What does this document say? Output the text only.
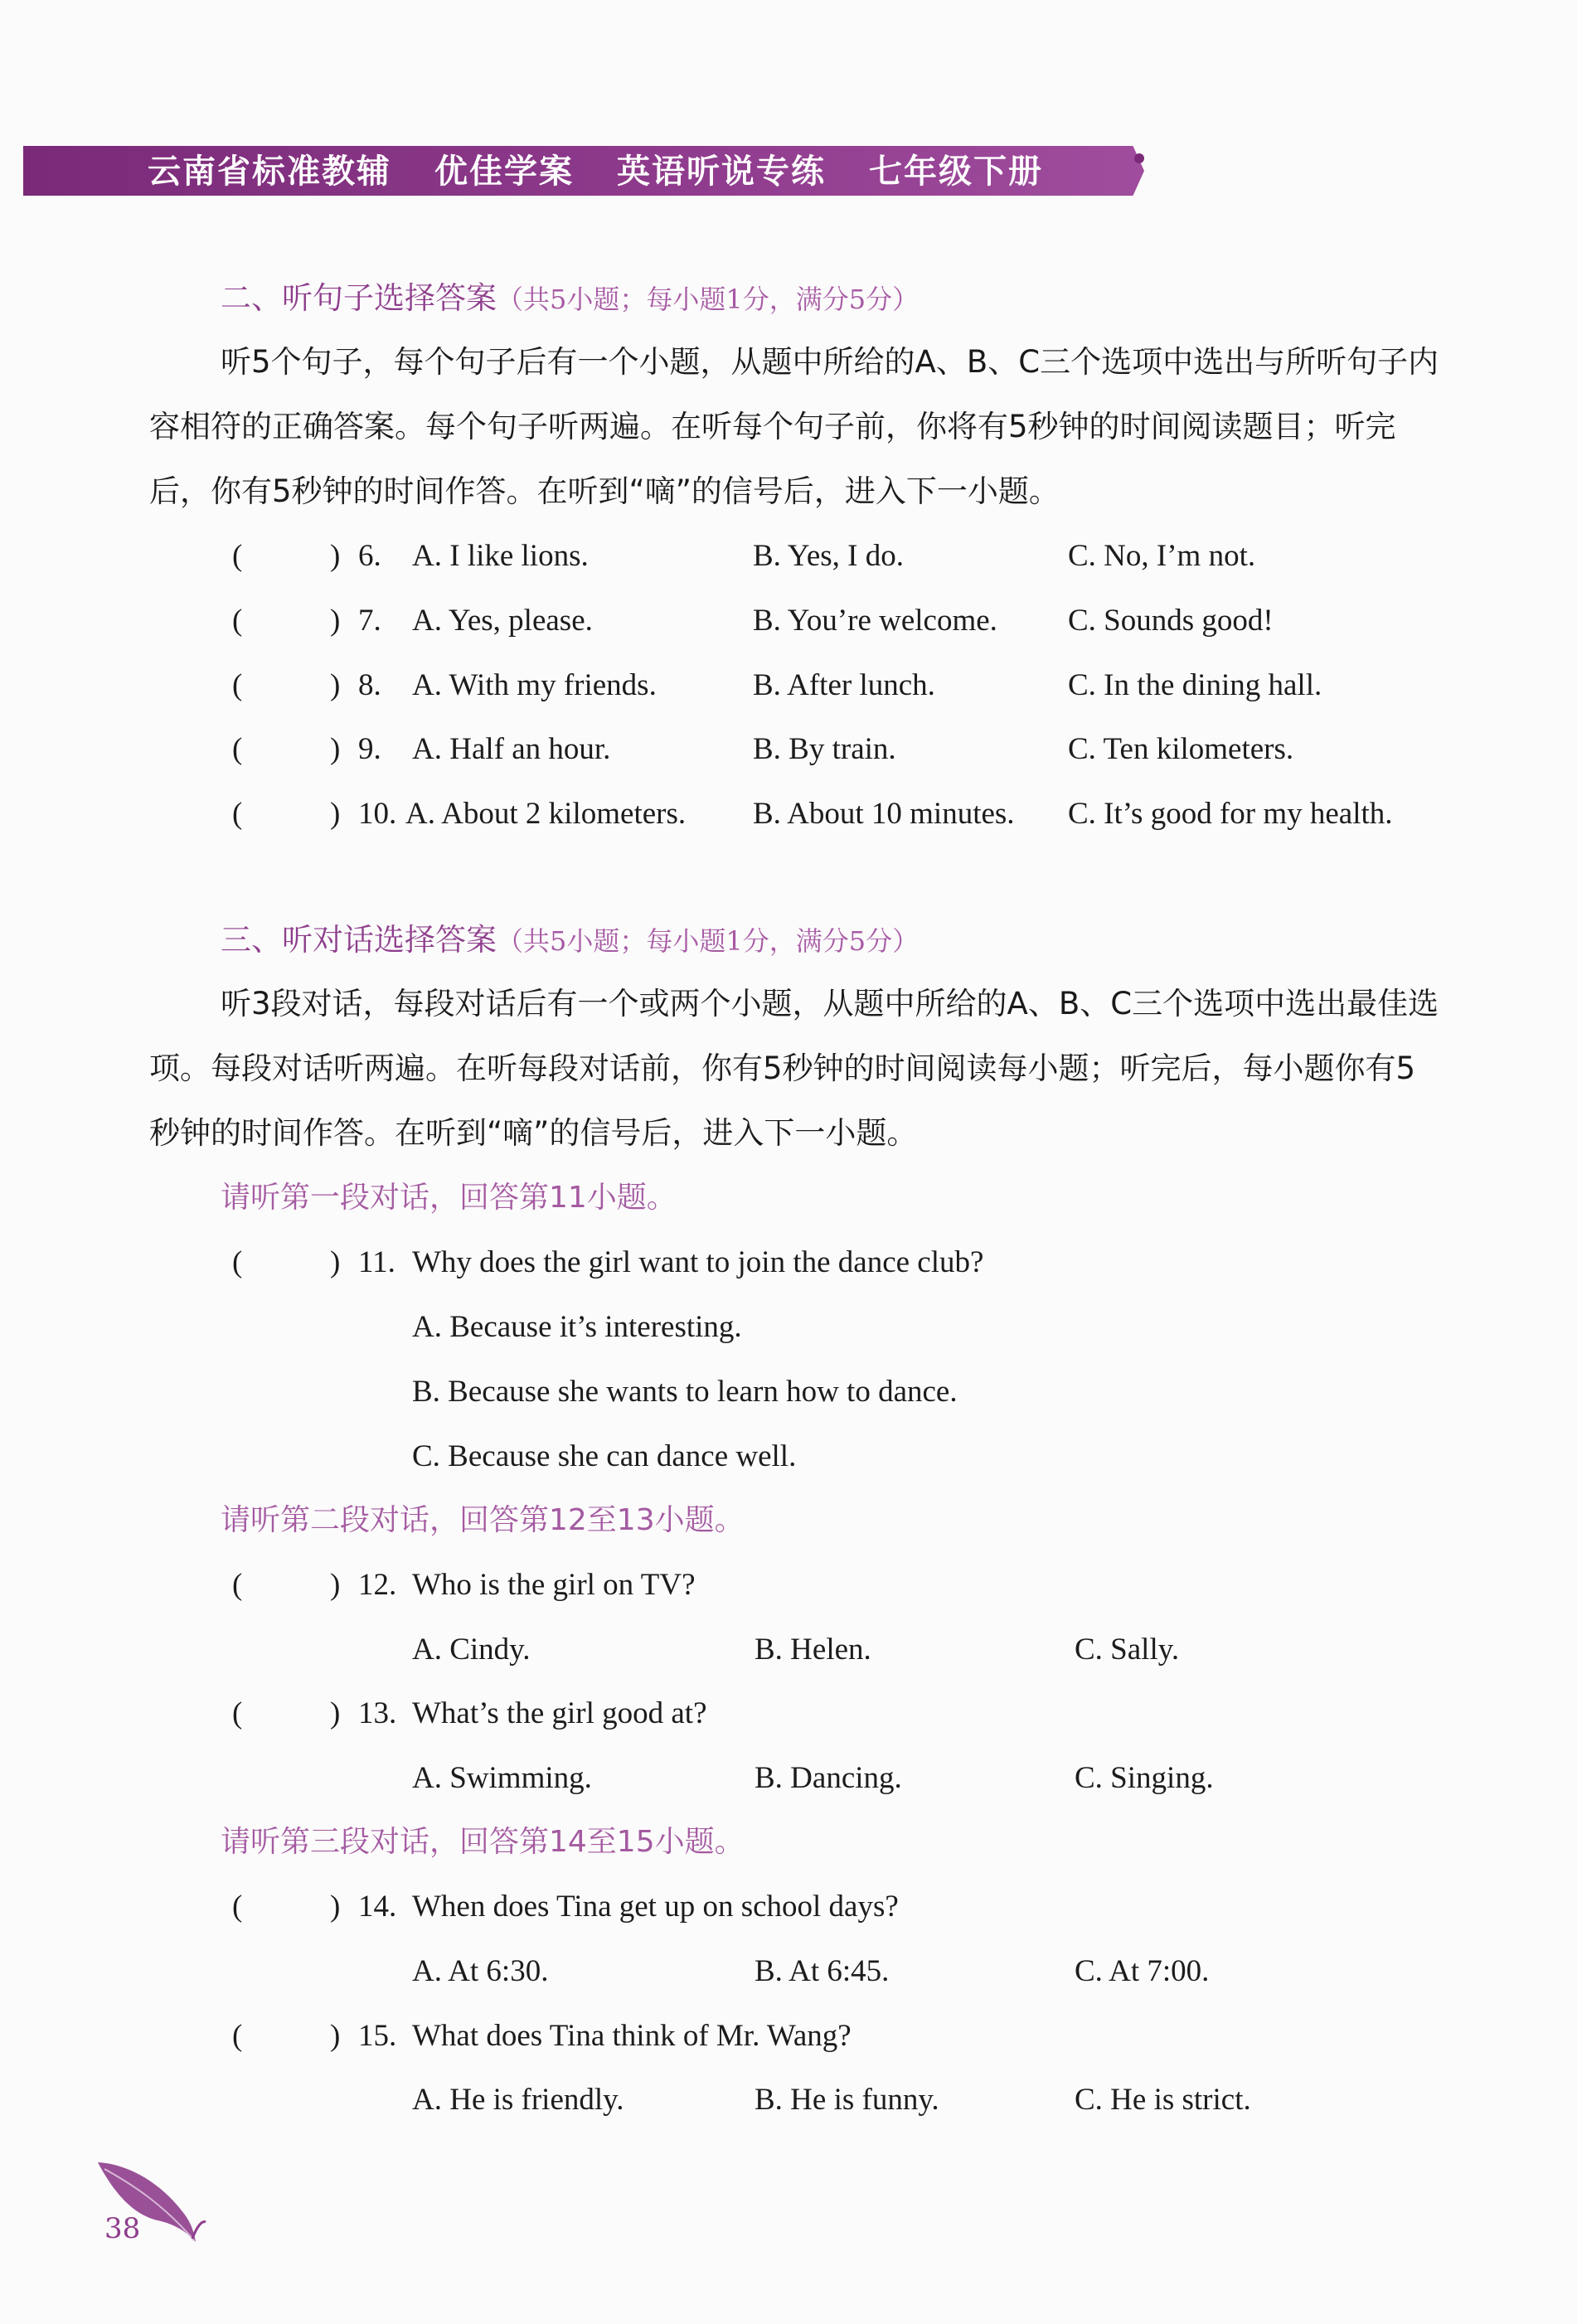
云南省标准教辅 优佳学案 英语听说专练 七年级下册
二、听句子选择答案（共5小题；每小题1分，满分5分）
听5个句子，每个句子后有一个小题，从题中所给的A、B、C三个选项中选出与所听句子内容相符的正确答案。每个句子听两遍。在听每个句子前，你将有5秒钟的时间阅读题目；听完后，你有5秒钟的时间作答。在听到“嘀”的信号后，进入下一小题。
(	) 6. A. I like lions.	B. Yes, I do.	C. No, I’m not.
(	) 7. A. Yes, please.	B. You’re welcome. C. Sounds good!
(	) 8. A. With my friends.	B. After lunch.	C. In the dining hall.
(	) 9. A. Half an hour.	B. By train.	C. Ten kilometers.
(	) 10. A. About 2 kilometers. B. About 10 minutes. C. It’s good for my health.
三、听对话选择答案（共5小题；每小题1分，满分5分）
听3段对话，每段对话后有一个或两个小题，从题中所给的A、B、C三个选项中选出最佳选项。每段对话听两遍。在听每段对话前，你有5秒钟的时间阅读每小题；听完后，每小题你有5秒钟的时间作答。在听到“嘀”的信号后，进入下一小题。
请听第一段对话，回答第11小题。
(	) 11. Why does the girl want to join the dance club?
A. Because it’s interesting.
B. Because she wants to learn how to dance.
C. Because she can dance well.
请听第二段对话，回答第12至13小题。
(	) 12. Who is the girl on TV?
A. Cindy.	B. Helen.	C. Sally.
(	) 13. What’s the girl good at?
A. Swimming.	B. Dancing.	C. Singing.
请听第三段对话，回答第14至15小题。
(	) 14. When does Tina get up on school days?
A. At 6:30.	B. At 6:45.	C. At 7:00.
(	) 15. What does Tina think of Mr. Wang?
A. He is friendly.	B. He is funny.	C. He is strict.
38
